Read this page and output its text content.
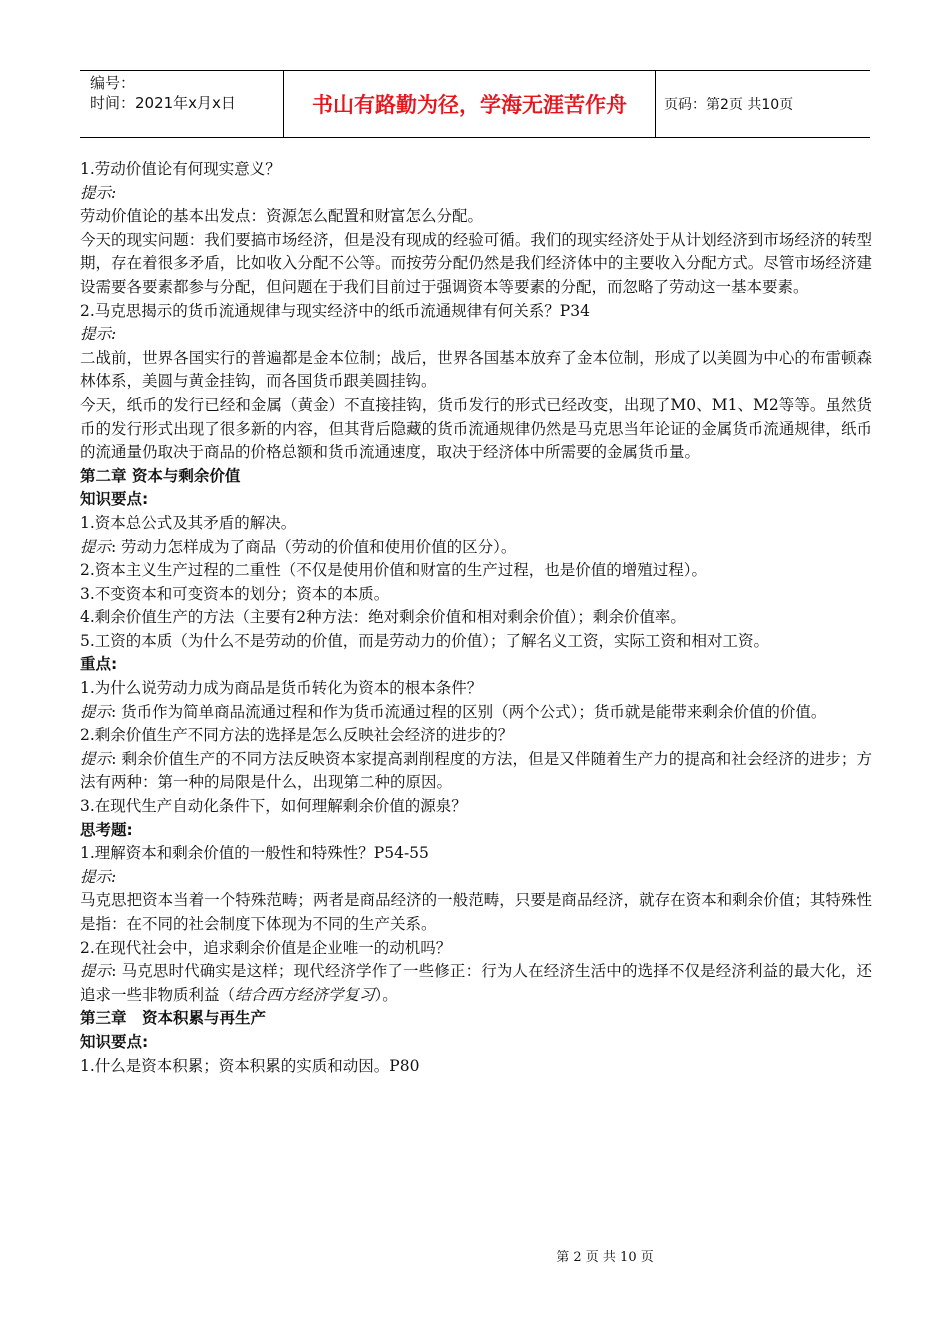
编号：
时间：2021年x月x日	书山有路勤为径，学海无涯苦作舟	页码：第2页 共10页

1.劳动价值论有何现实意义？

提示:

劳动价值论的基本出发点：资源怎么配置和财富怎么分配。

今天的现实问题：我们要搞市场经济，但是没有现成的经验可循。我们的现实经济处于从计划经济到市场经济的转型期，存在着很多矛盾，比如收入分配不公等。而按劳分配仍然是我们经济体中的主要收入分配方式。尽管市场经济建设需要各要素都参与分配，但问题在于我们目前过于强调资本等要素的分配，而忽略了劳动这一基本要素。

2.马克思揭示的货币流通规律与现实经济中的纸币流通规律有何关系？P34

提示:

二战前，世界各国实行的普遍都是金本位制；战后，世界各国基本放弃了金本位制，形成了以美圆为中心的布雷顿森林体系，美圆与黄金挂钩，而各国货币跟美圆挂钩。

今天，纸币的发行已经和金属（黄金）不直接挂钩，货币发行的形式已经改变，出现了M0、M1、M2等等。虽然货币的发行形式出现了很多新的内容，但其背后隐藏的货币流通规律仍然是马克思当年论证的金属货币流通规律，纸币的流通量仍取决于商品的价格总额和货币流通速度，取决于经济体中所需要的金属货币量。

第二章 资本与剩余价值

知识要点:

1.资本总公式及其矛盾的解决。

提示: 劳动力怎样成为了商品（劳动的价值和使用价值的区分）。

2.资本主义生产过程的二重性（不仅是使用价值和财富的生产过程，也是价值的增殖过程）。

3.不变资本和可变资本的划分；资本的本质。

4.剩余价值生产的方法（主要有2种方法：绝对剩余价值和相对剩余价值）；剩余价值率。

5.工资的本质（为什么不是劳动的价值，而是劳动力的价值）；了解名义工资，实际工资和相对工资。

重点:

1.为什么说劳动力成为商品是货币转化为资本的根本条件？

提示: 货币作为简单商品流通过程和作为货币流通过程的区别（两个公式）；货币就是能带来剩余价值的价值。

2.剩余价值生产不同方法的选择是怎么反映社会经济的进步的？

提示: 剩余价值生产的不同方法反映资本家提高剥削程度的方法，但是又伴随着生产力的提高和社会经济的进步；方法有两种：第一种的局限是什么，出现第二种的原因。

3.在现代生产自动化条件下，如何理解剩余价值的源泉？

思考题:

1.理解资本和剩余价值的一般性和特殊性？P54-55

提示:

马克思把资本当着一个特殊范畴；两者是商品经济的一般范畴，只要是商品经济，就存在资本和剩余价值；其特殊性是指：在不同的社会制度下体现为不同的生产关系。

2.在现代社会中，追求剩余价值是企业唯一的动机吗？

提示: 马克思时代确实是这样；现代经济学作了一些修正：行为人在经济生活中的选择不仅是经济利益的最大化，还追求一些非物质利益（结合西方经济学复习）。

第三章　资本积累与再生产

知识要点:

1.什么是资本积累；资本积累的实质和动因。P80

第 2 页 共 10 页
